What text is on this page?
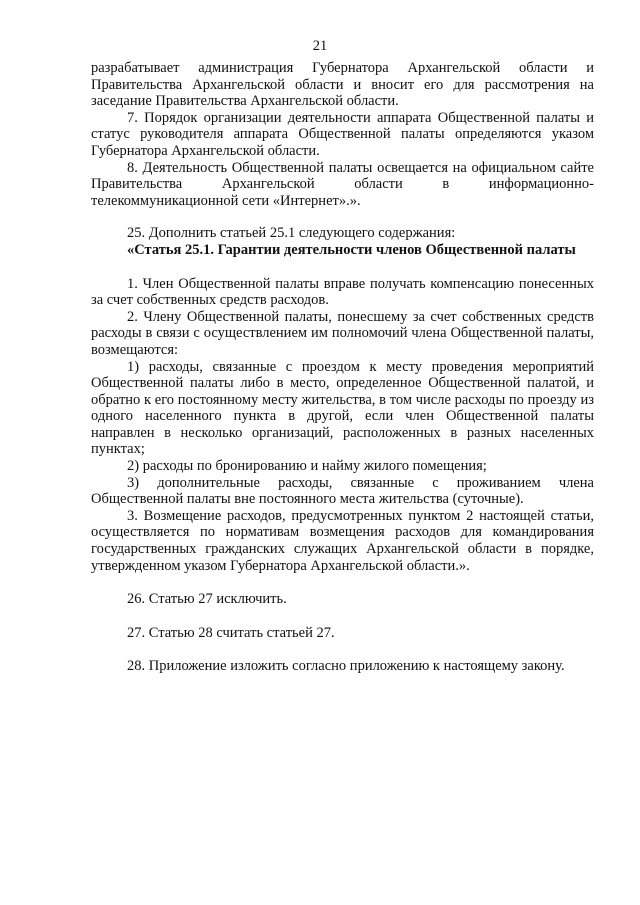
21

разрабатывает администрация Губернатора Архангельской области и Правительства Архангельской области и вносит его для рассмотрения на заседание Правительства Архангельской области.

7. Порядок организации деятельности аппарата Общественной палаты и статус руководителя аппарата Общественной палаты определяются указом Губернатора Архангельской области.

8. Деятельность Общественной палаты освещается на официальном сайте Правительства Архангельской области в информационно-телекоммуникационной сети «Интернет».».

25. Дополнить статьей 25.1 следующего содержания:

«Статья 25.1.
Гарантии деятельности членов Общественной палаты

1. Член Общественной палаты вправе получать компенсацию понесенных за счет собственных средств расходов.

2. Члену Общественной палаты, понесшему за счет собственных средств расходы в связи с осуществлением им полномочий члена Общественной палаты, возмещаются:

1) расходы, связанные с проездом к месту проведения мероприятий Общественной палаты либо в место, определенное Общественной палатой, и обратно к его постоянному месту жительства, в том числе расходы по проезду из одного населенного пункта в другой, если член Общественной палаты направлен в несколько организаций, расположенных в разных населенных пунктах;

2) расходы по бронированию и найму жилого помещения;

3) дополнительные расходы, связанные с проживанием члена Общественной палаты вне постоянного места жительства (суточные).

3. Возмещение расходов, предусмотренных пунктом 2 настоящей статьи, осуществляется по нормативам возмещения расходов для командирования государственных гражданских служащих Архангельской области в порядке, утвержденном указом Губернатора Архангельской области.».

26. Статью 27 исключить.

27. Статью 28 считать статьей 27.

28. Приложение изложить согласно приложению к настоящему закону.
